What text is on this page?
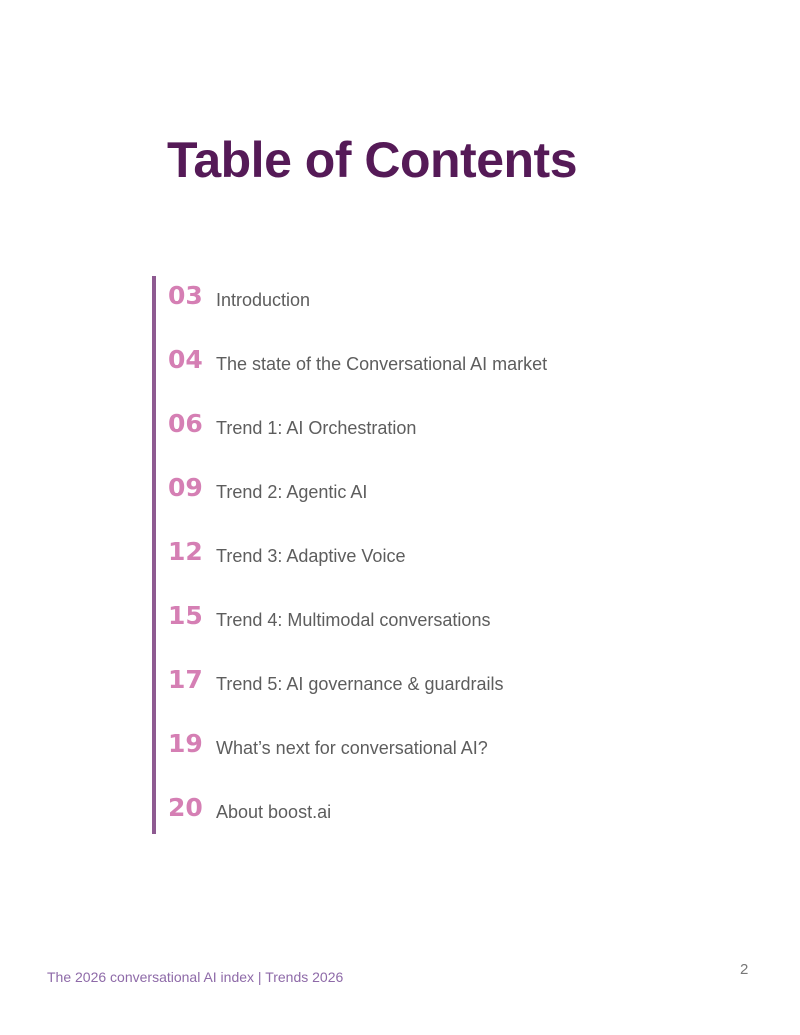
Table of Contents
03 Introduction
04 The state of the Conversational AI market
06 Trend 1: AI Orchestration
09 Trend 2: Agentic AI
12 Trend 3: Adaptive Voice
15 Trend 4: Multimodal conversations
17 Trend 5: AI governance & guardrails
19 What’s next for conversational AI?
20 About boost.ai
The 2026 conversational AI index | Trends 2026	2
